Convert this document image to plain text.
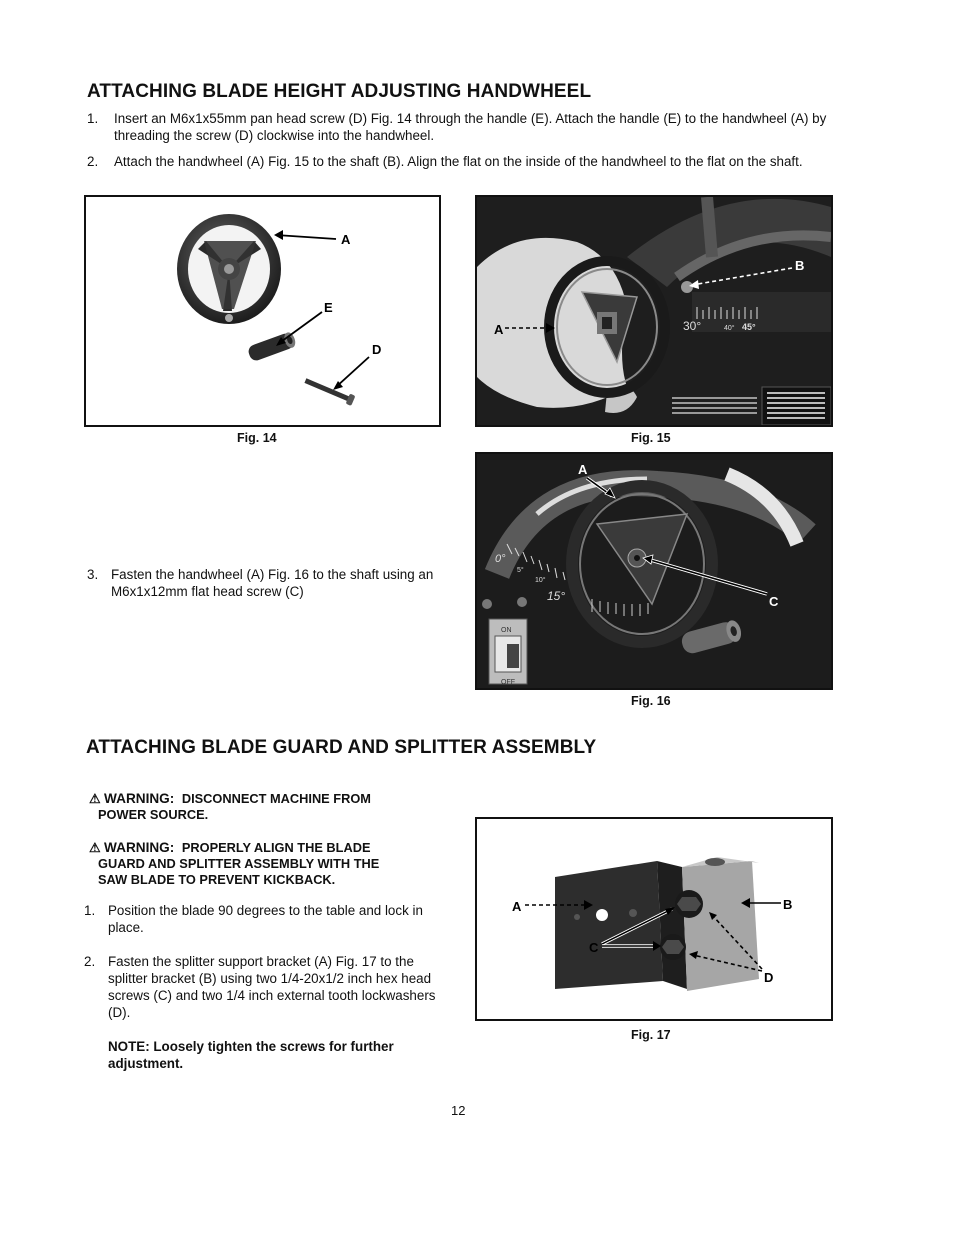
ATTACHING BLADE HEIGHT ADJUSTING HANDWHEEL
1. Insert an M6x1x55mm pan head screw (D) Fig. 14 through the handle (E). Attach the handle (E) to the handwheel (A) by threading the screw (D) clockwise into the handwheel.
2. Attach the handwheel (A) Fig. 15 to the shaft (B). Align the flat on the inside of the handwheel to the flat on the shaft.
A
E
D
Fig. 14
30°	40° 45°
B
A
Fig. 15
3. Fasten the handwheel (A) Fig. 16 to the shaft using an M6x1x12mm flat head screw (C)
0°
5°
10°
15°
ON
OFF
A
C
Fig. 16
ATTACHING BLADE GUARD AND SPLITTER ASSEMBLY
⚠ WARNING: DISCONNECT MACHINE FROM
POWER SOURCE.
⚠ WARNING: PROPERLY ALIGN THE BLADE
GUARD AND SPLITTER ASSEMBLY WITH THE
SAW BLADE TO PREVENT KICKBACK.
1. Position the blade 90 degrees to the table and lock in place.
2. Fasten the splitter support bracket (A) Fig. 17 to the splitter bracket (B) using two 1/4-20x1/2 inch hex head screws (C) and two 1/4 inch external tooth lockwashers (D).
NOTE: Loosely tighten the screws for further adjustment.
A	B
C
D
Fig. 17
12
